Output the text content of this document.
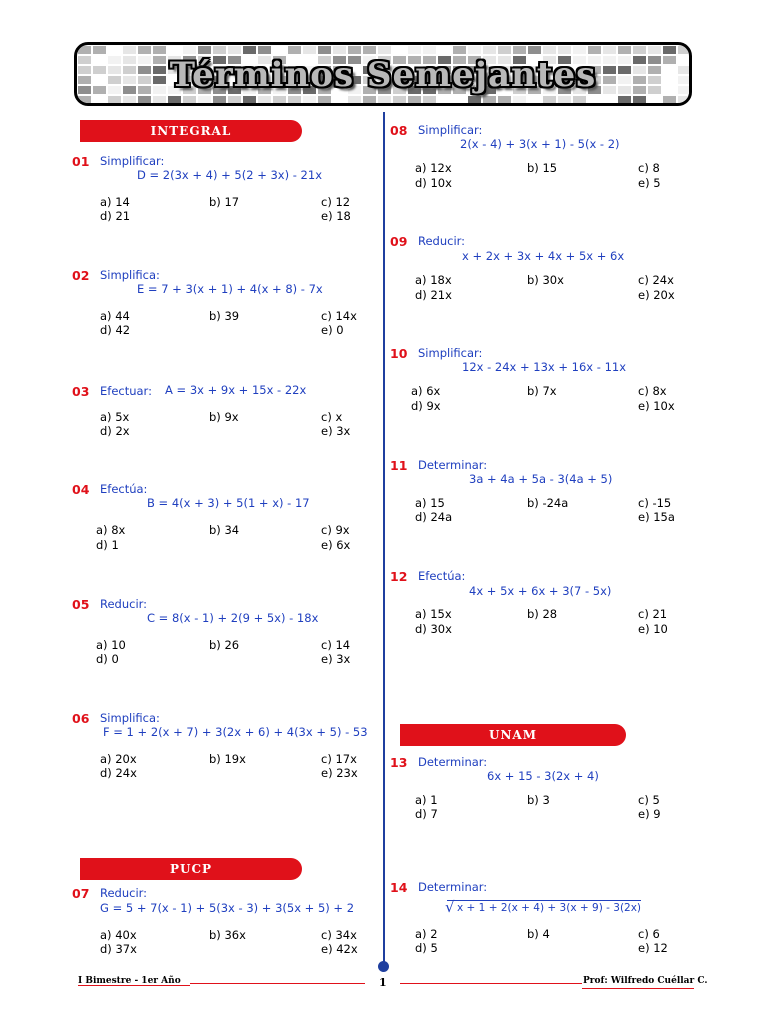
Términos Semejantes
INTEGRAL
PUCP
UNAM
01 Simplificar:
D = 2(3x + 4) + 5(2 + 3x) - 21x
a) 14	b) 17	c) 12
d) 21	e) 18
02 Simplifica:
E = 7 + 3(x + 1) + 4(x + 8) - 7x
a) 44	b) 39	c) 14x
d) 42	e) 0
03 Efectuar: A = 3x + 9x + 15x - 22x
a) 5x	b) 9x	c) x
d) 2x	e) 3x
04 Efectúa:
B = 4(x + 3) + 5(1 + x) - 17
a) 8x	b) 34	c) 9x
d) 1	e) 6x
05 Reducir:
C = 8(x - 1) + 2(9 + 5x) - 18x
a) 10	b) 26	c) 14
d) 0	e) 3x
06 Simplifica:
F = 1 + 2(x + 7) + 3(2x + 6) + 4(3x + 5) - 53
a) 20x	b) 19x	c) 17x
d) 24x	e) 23x
07 Reducir:
G = 5 + 7(x - 1) + 5(3x - 3) + 3(5x + 5) + 2
a) 40x	b) 36x	c) 34x
d) 37x	e) 42x
08 Simplificar:
2(x - 4) + 3(x + 1) - 5(x - 2)
a) 12x	b) 15	c) 8
d) 10x	e) 5
09 Reducir:
x + 2x + 3x + 4x + 5x + 6x
a) 18x	b) 30x	c) 24x
d) 21x	e) 20x
10 Simplificar:
12x - 24x + 13x + 16x - 11x
a) 6x	b) 7x	c) 8x
d) 9x	e) 10x
11 Determinar:
3a + 4a + 5a - 3(4a + 5)
a) 15	b) -24a	c) -15
d) 24a	e) 15a
12 Efectúa:
4x + 5x + 6x + 3(7 - 5x)
a) 15x	b) 28	c) 21
d) 30x	e) 10
13 Determinar:
6x + 15 - 3(2x + 4)
a) 1	b) 3	c) 5
d) 7	e) 9
14 Determinar:
√ x + 1 + 2(x + 4) + 3(x + 9) - 3(2x)
a) 2	b) 4	c) 6
d) 5	e) 12
I Bimestre - 1er Año	1	Prof: Wilfredo Cuéllar C.
